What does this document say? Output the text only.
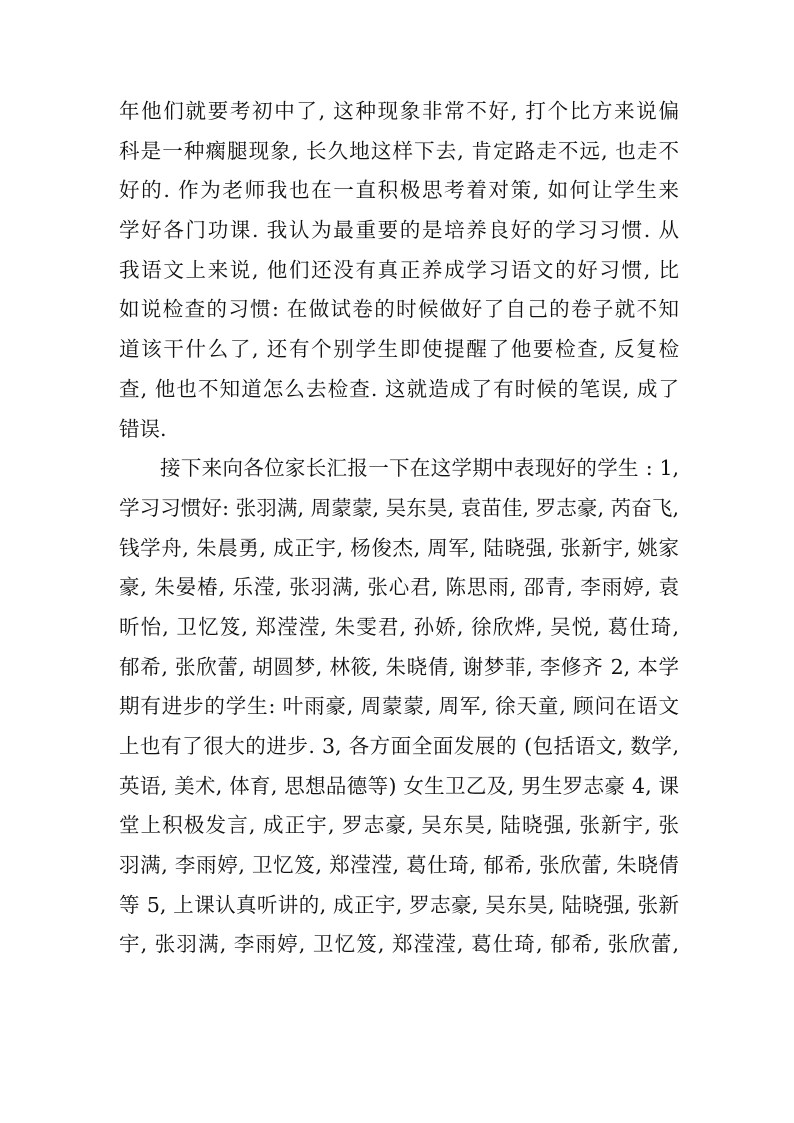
年他们就要考初中了, 这种现象非常不好, 打个比方来说偏
科是一种瘸腿现象, 长久地这样下去, 肯定路走不远, 也走不
好的. 作为老师我也在一直积极思考着对策, 如何让学生来
学好各门功课. 我认为最重要的是培养良好的学习习惯. 从
我语文上来说, 他们还没有真正养成学习语文的好习惯, 比
如说检查的习惯: 在做试卷的时候做好了自己的卷子就不知
道该干什么了, 还有个别学生即使提醒了他要检查, 反复检
查, 他也不知道怎么去检查. 这就造成了有时候的笔误, 成了
错误.
接下来向各位家长汇报一下在这学期中表现好的学生 : 1,
学习习惯好: 张羽满, 周蒙蒙, 吴东昊, 袁苗佳, 罗志豪, 芮奋飞,
钱学舟, 朱晨勇, 成正宇, 杨俊杰, 周军, 陆晓强, 张新宇, 姚家
豪, 朱晏椿, 乐滢, 张羽满, 张心君, 陈思雨, 邵青, 李雨婷, 袁
昕怡, 卫忆笈, 郑滢滢, 朱雯君, 孙娇, 徐欣烨, 吴悦, 葛仕琦,
郁希, 张欣蕾, 胡圆梦, 林筱, 朱晓倩, 谢梦菲, 李修齐 2, 本学
期有进步的学生: 叶雨豪, 周蒙蒙, 周军, 徐天童, 顾问在语文
上也有了很大的进步. 3, 各方面全面发展的 (包括语文, 数学,
英语, 美术, 体育, 思想品德等) 女生卫乙及, 男生罗志豪 4, 课
堂上积极发言, 成正宇, 罗志豪, 吴东昊, 陆晓强, 张新宇, 张
羽满, 李雨婷, 卫忆笈, 郑滢滢, 葛仕琦, 郁希, 张欣蕾, 朱晓倩
等 5, 上课认真听讲的, 成正宇, 罗志豪, 吴东昊, 陆晓强, 张新
宇, 张羽满, 李雨婷, 卫忆笈, 郑滢滢, 葛仕琦, 郁希, 张欣蕾,
